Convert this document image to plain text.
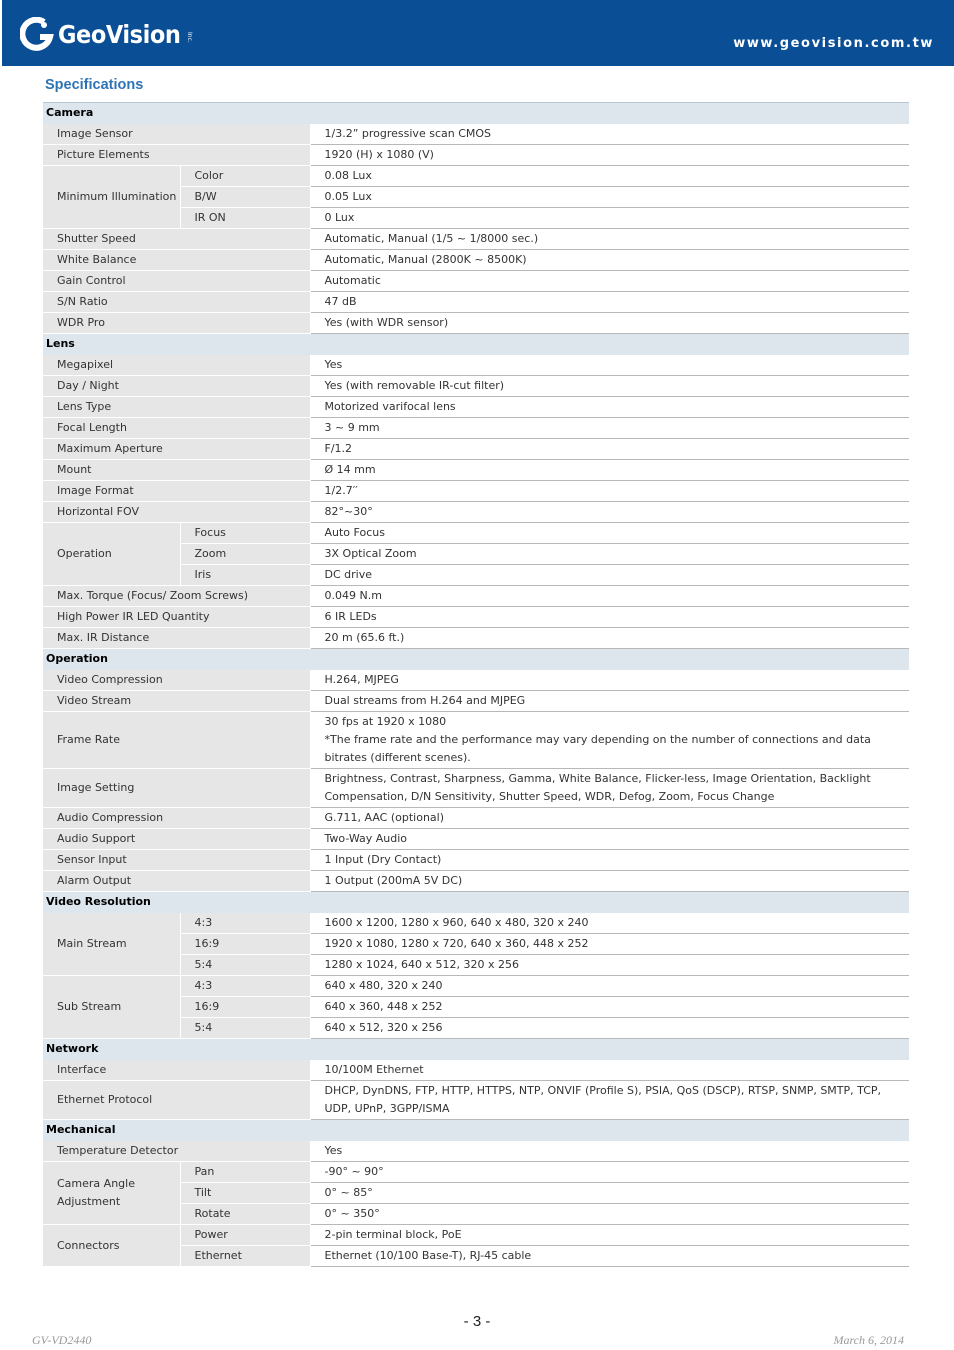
GeoVision Inc.	www.geovision.com.tw
Specifications
Camera		
Image Sensor		1/3.2” progressive scan CMOS
Picture Elements		1920 (H) x 1080 (V)
Minimum Illumination	Color	0.08 Lux
	B/W	0.05 Lux
	IR ON	0 Lux
Shutter Speed		Automatic, Manual (1/5 ~ 1/8000 sec.)
White Balance		Automatic, Manual (2800K ~ 8500K)
Gain Control		Automatic
S/N Ratio		47 dB
WDR Pro		Yes (with WDR sensor)
Lens		
Megapixel		Yes
Day / Night		Yes (with removable IR-cut filter)
Lens Type		Motorized varifocal lens
Focal Length		3 ~ 9 mm
Maximum Aperture		F/1.2
Mount		Ø 14 mm
Image Format		1/2.7′′
Horizontal FOV		82°~30°
Operation	Focus	Auto Focus
	Zoom	3X Optical Zoom
	Iris	DC drive
Max. Torque (Focus/ Zoom Screws)		0.049 N.m
High Power IR LED Quantity		6 IR LEDs
Max. IR Distance		20 m (65.6 ft.)
Operation		
Video Compression		H.264, MJPEG
Video Stream		Dual streams from H.264 and MJPEG
Frame Rate		30 fps at 1920 x 1080
*The frame rate and the performance may vary depending on the number of connections and data
bitrates (different scenes).

Image Setting		Brightness, Contrast, Sharpness, Gamma, White Balance, Flicker-less, Image Orientation, Backlight
Compensation, D/N Sensitivity, Shutter Speed, WDR, Defog, Zoom, Focus Change

Audio Compression		G.711, AAC (optional)
Audio Support		Two-Way Audio
Sensor Input		1 Input (Dry Contact)
Alarm Output		1 Output (200mA 5V DC)
Video Resolution		
Main Stream	4:3	1600 x 1200, 1280 x 960, 640 x 480, 320 x 240
	16:9	1920 x 1080, 1280 x 720, 640 x 360, 448 x 252
	5:4	1280 x 1024, 640 x 512, 320 x 256
Sub Stream	4:3	640 x 480, 320 x 240
	16:9	640 x 360, 448 x 252
	5:4	640 x 512, 320 x 256
Network		
Interface		10/100M Ethernet
Ethernet Protocol		DHCP, DynDNS, FTP, HTTP, HTTPS, NTP, ONVIF (Profile S), PSIA, QoS (DSCP), RTSP, SNMP, SMTP, TCP,
UDP, UPnP, 3GPP/ISMA

Mechanical		
Temperature Detector		Yes
Camera Angle Adjustment	Pan	-90° ~ 90°
	Tilt	0° ~ 85°
	Rotate	0° ~ 350°
Connectors	Power	2-pin terminal block, PoE
	Ethernet	Ethernet (10/100 Base-T), RJ-45 cable
- 3 -
GV-VD2440	March 6, 2014
